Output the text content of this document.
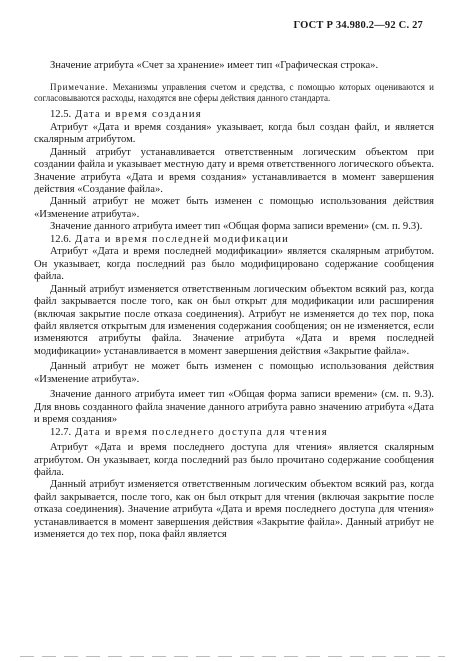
ГОСТ Р 34.980.2—92 С. 27

Значение атрибута «Счет за хранение» имеет тип «Графическая строка».

Примечание. Механизмы управления счетом и средства, с помощью которых оцениваются и согласовываются расходы, находятся вне сферы действия данного стандарта.

12.5. Дата и время создания

Атрибут «Дата и время создания» указывает, когда был создан файл, и является скалярным атрибутом.

Данный атрибут устанавливается ответственным логическим объектом при создании файла и указывает местную дату и время ответственного логического объекта. Значение атрибута «Дата и время создания» устанавливается в момент завершения действия «Создание файла».

Данный атрибут не может быть изменен с помощью использования действия «Изменение атрибута».

Значение данного атрибута имеет тип «Общая форма записи времени» (см. п. 9.3).

12.6. Дата и время последней модификации

Атрибут «Дата и время последней модификации» является скалярным атрибутом. Он указывает, когда последний раз было модифицировано содержание сообщения файла.

Данный атрибут изменяется ответственным логическим объектом всякий раз, когда файл закрывается после того, как он был открыт для модификации или расширения (включая закрытие после отказа соединения). Атрибут не изменяется до тех пор, пока файл является открытым для изменения содержания сообщения; он не изменяется, если изменяются атрибуты файла. Значение атрибута «Дата и время последней модификации» устанавливается в момент завершения действия «Закрытие файла».

Данный атрибут не может быть изменен с помощью использования действия «Изменение атрибута».

Значение данного атрибута имеет тип «Общая форма записи времени» (см. п. 9.3). Для вновь созданного файла значение данного атрибута равно значению атрибута «Дата и время создания»

12.7. Дата и время последнего доступа для чтения

Атрибут «Дата и время последнего доступа для чтения» является скалярным атрибутом. Он указывает, когда последний раз было прочитано содержание сообщения файла.

Данный атрибут изменяется ответственным логическим объектом всякий раз, когда файл закрывается, после того, как он был открыт для чтения (включая закрытие после отказа соединения). Значение атрибута «Дата и время последнего доступа для чтения» устанавливается в момент завершения действия «Закрытие файла». Данный атрибут не изменяется до тех пор, пока файл является
